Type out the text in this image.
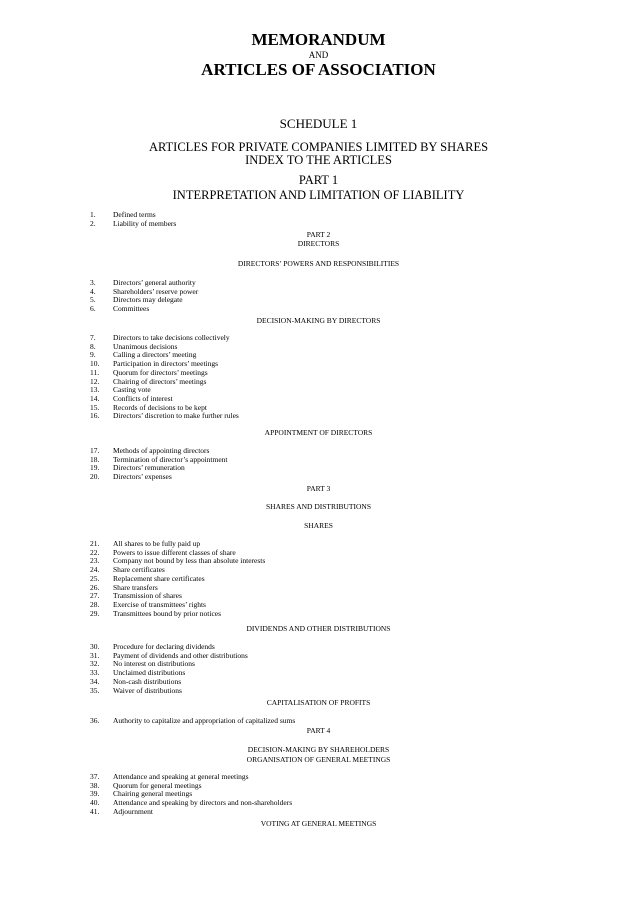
MEMORANDUM
AND
ARTICLES OF ASSOCIATION
SCHEDULE 1
ARTICLES FOR PRIVATE COMPANIES LIMITED BY SHARES
INDEX TO THE ARTICLES
PART 1
INTERPRETATION AND LIMITATION OF LIABILITY
1. Defined terms
2. Liability of members
PART 2
DIRECTORS
DIRECTORS’ POWERS AND RESPONSIBILITIES
3. Directors’ general authority
4. Shareholders’ reserve power
5. Directors may delegate
6. Committees
DECISION-MAKING BY DIRECTORS
7. Directors to take decisions collectively
8. Unanimous decisions
9. Calling a directors’ meeting
10. Participation in directors’ meetings
11. Quorum for directors’ meetings
12. Chairing of directors’ meetings
13. Casting vote
14. Conflicts of interest
15. Records of decisions to be kept
16. Directors’ discretion to make further rules
APPOINTMENT OF DIRECTORS
17. Methods of appointing directors
18. Termination of director’s appointment
19. Directors’ remuneration
20. Directors’ expenses
PART 3
SHARES AND DISTRIBUTIONS
SHARES
21. All shares to be fully paid up
22. Powers to issue different classes of share
23. Company not bound by less than absolute interests
24. Share certificates
25. Replacement share certificates
26. Share transfers
27. Transmission of shares
28. Exercise of transmittees’ rights
29. Transmittees bound by prior notices
DIVIDENDS AND OTHER DISTRIBUTIONS
30. Procedure for declaring dividends
31. Payment of dividends and other distributions
32. No interest on distributions
33. Unclaimed distributions
34. Non-cash distributions
35. Waiver of distributions
CAPITALISATION OF PROFITS
36. Authority to capitalize and appropriation of capitalized sums
PART 4
DECISION-MAKING BY SHAREHOLDERS
ORGANISATION OF GENERAL MEETINGS
37. Attendance and speaking at general meetings
38. Quorum for general meetings
39. Chairing general meetings
40. Attendance and speaking by directors and non-shareholders
41. Adjournment
VOTING AT GENERAL MEETINGS
